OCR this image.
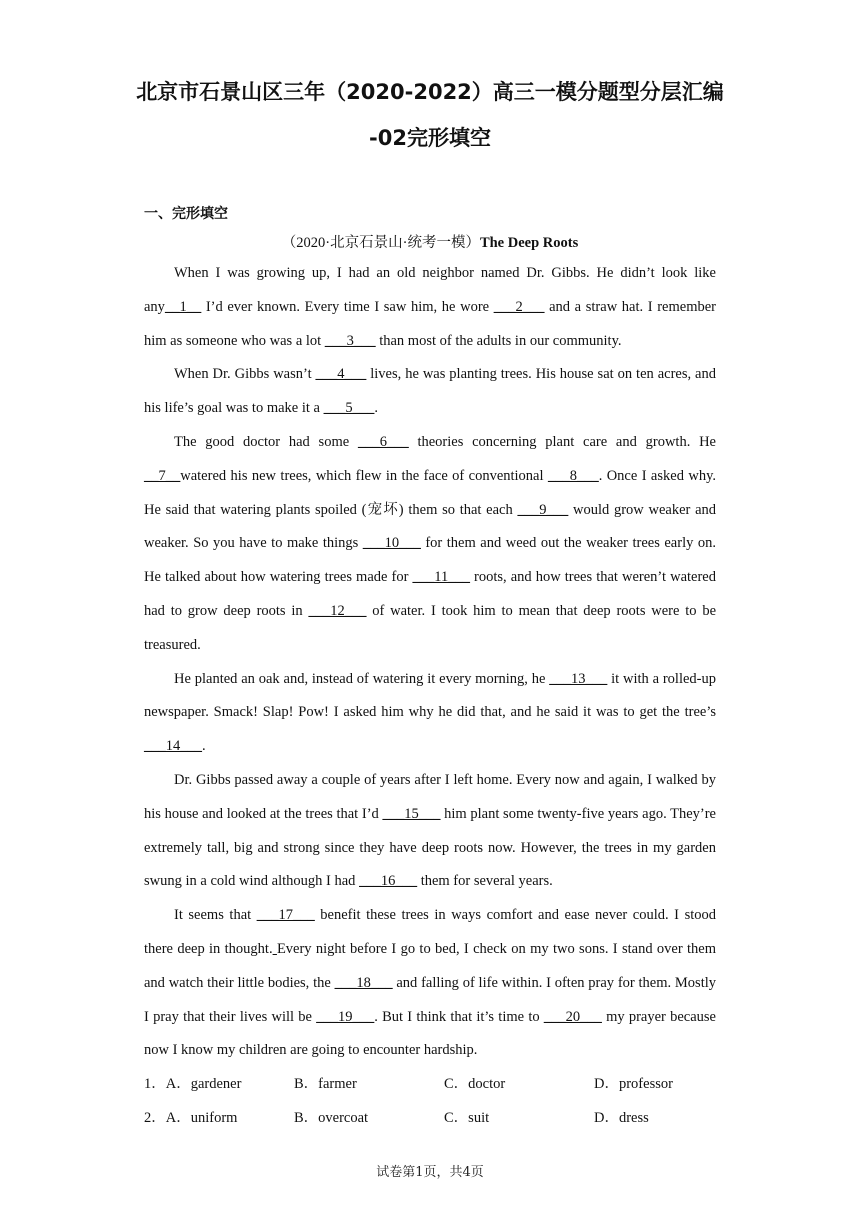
北京市石景山区三年（2020-2022）高三一模分题型分层汇编
-02完形填空
一、完形填空
（2020·北京石景山·统考一模）The Deep Roots

When I was growing up, I had an old neighbor named Dr. Gibbs. He didn’t look like any__1__ I’d ever known. Every time I saw him, he wore ___2___ and a straw hat. I remember him as someone who was a lot ___3___ than most of the adults in our community.

When Dr. Gibbs wasn’t ___4___ lives, he was planting trees. His house sat on ten acres, and his life’s goal was to make it a ___5___.

The good doctor had some ___6___ theories concerning plant care and growth. He __7__watered his new trees, which flew in the face of conventional ___8___. Once I asked why. He said that watering plants spoiled (宠坏) them so that each ___9___ would grow weaker and weaker. So you have to make things ___10___ for them and weed out the weaker trees early on. He talked about how watering trees made for ___11___ roots, and how trees that weren’t watered had to grow deep roots in ___12___ of water. I took him to mean that deep roots were to be treasured.

He planted an oak and, instead of watering it every morning, he ___13___ it with a rolled-up newspaper. Smack! Slap! Pow! I asked him why he did that, and he said it was to get the tree’s ___14___.

Dr. Gibbs passed away a couple of years after I left home. Every now and again, I walked by his house and looked at the trees that I’d ___15___ him plant some twenty-five years ago. They’re extremely tall, big and strong since they have deep roots now. However, the trees in my garden swung in a cold wind although I had ___16___ them for several years.

It seems that ___17___ benefit these trees in ways comfort and ease never could. I stood there deep in thought. Every night before I go to bed, I check on my two sons. I stand over them and watch their little bodies, the ___18___ and falling of life within. I often pray for them. Mostly I pray that their lives will be ___19___. But I think that it’s time to ___20___ my prayer because now I know my children are going to encounter hardship.

1．A．gardener	B．farmer	C．doctor	D．professor
2．A．uniform	B．overcoat	C．suit	D．dress
试卷第1页，共4页
